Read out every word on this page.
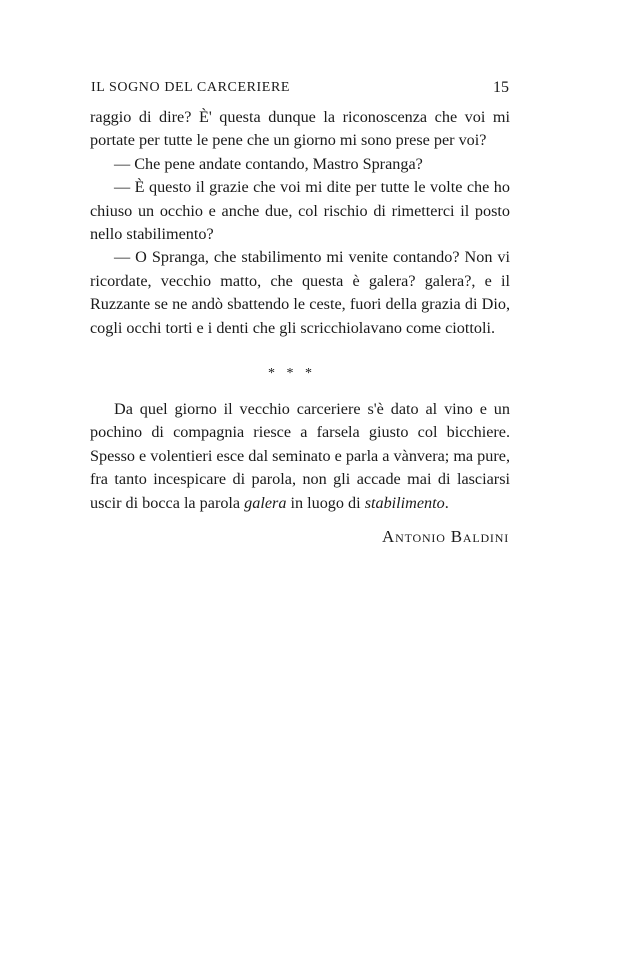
IL SOGNO DEL CARCERIERE	15

raggio di dire? È' questa dunque la riconoscenza che voi mi portate per tutte le pene che un giorno mi sono prese per voi?

— Che pene andate contando, Mastro Spranga?

— È questo il grazie che voi mi dite per tutte le volte che ho chiuso un occhio e anche due, col rischio di rimetterci il posto nello stabilimento?

— O Spranga, che stabilimento mi venite contando? Non vi ricordate, vecchio matto, che questa è galera? galera?, e il Ruzzante se ne andò sbattendo le ceste, fuori della grazia di Dio, cogli occhi torti e i denti che gli scricchiolavano come ciottoli.

* * *

Da quel giorno il vecchio carceriere s'è dato al vino e un pochino di compagnia riesce a farsela giusto col bicchiere. Spesso e volentieri esce dal seminato e parla a vànvera; ma pure, fra tanto incespicare di parola, non gli accade mai di lasciarsi uscir di bocca la parola galera in luogo di stabilimento.

Antonio Baldini
